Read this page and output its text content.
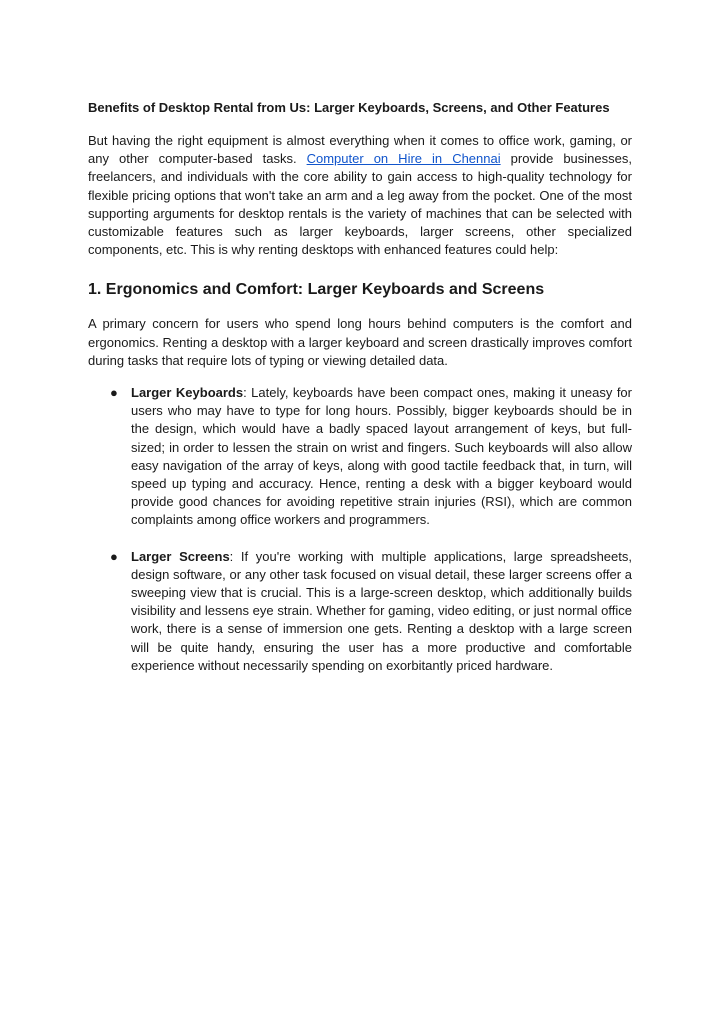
Benefits of Desktop Rental from Us: Larger Keyboards, Screens, and Other Features

But having the right equipment is almost everything when it comes to office work, gaming, or any other computer-based tasks. Computer on Hire in Chennai provide businesses, freelancers, and individuals with the core ability to gain access to high-quality technology for flexible pricing options that won't take an arm and a leg away from the pocket. One of the most supporting arguments for desktop rentals is the variety of machines that can be selected with customizable features such as larger keyboards, larger screens, other specialized components, etc. This is why renting desktops with enhanced features could help:

1. Ergonomics and Comfort: Larger Keyboards and Screens

A primary concern for users who spend long hours behind computers is the comfort and ergonomics. Renting a desktop with a larger keyboard and screen drastically improves comfort during tasks that require lots of typing or viewing detailed data.

● Larger Keyboards: Lately, keyboards have been compact ones, making it uneasy for users who may have to type for long hours. Possibly, bigger keyboards should be in the design, which would have a badly spaced layout arrangement of keys, but full-sized; in order to lessen the strain on wrist and fingers. Such keyboards will also allow easy navigation of the array of keys, along with good tactile feedback that, in turn, will speed up typing and accuracy. Hence, renting a desk with a bigger keyboard would provide good chances for avoiding repetitive strain injuries (RSI), which are common complaints among office workers and programmers.
● Larger Screens: If you're working with multiple applications, large spreadsheets, design software, or any other task focused on visual detail, these larger screens offer a sweeping view that is crucial. This is a large-screen desktop, which additionally builds visibility and lessens eye strain. Whether for gaming, video editing, or just normal office work, there is a sense of immersion one gets. Renting a desktop with a large screen will be quite handy, ensuring the user has a more productive and comfortable experience without necessarily spending on exorbitantly priced hardware.
